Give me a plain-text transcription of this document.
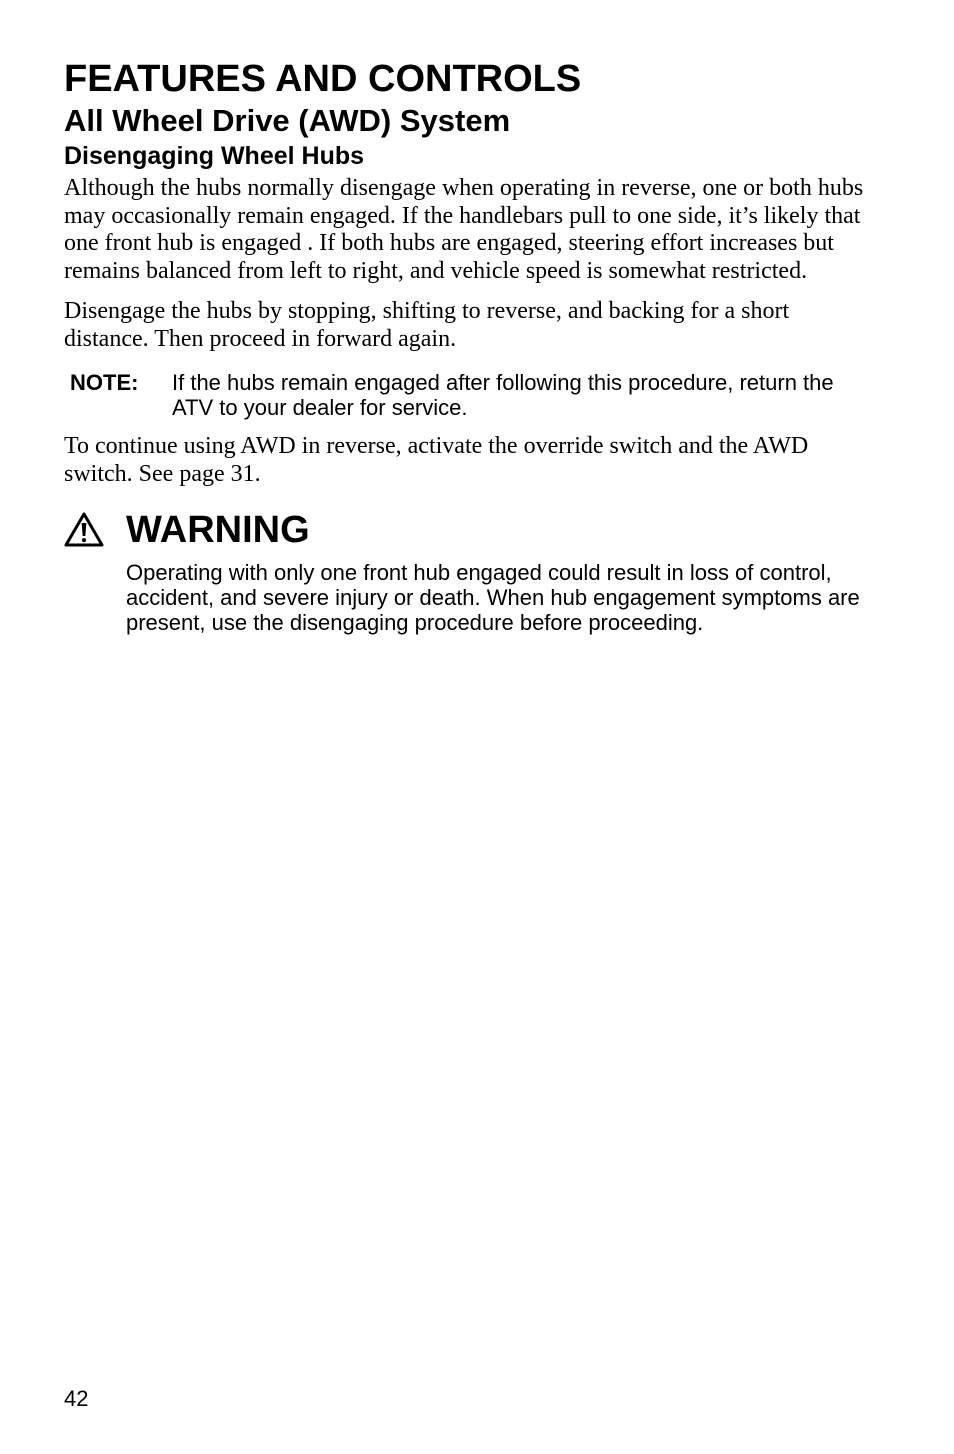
FEATURES AND CONTROLS
All Wheel Drive (AWD) System
Disengaging Wheel Hubs

Although the hubs normally disengage when operating in reverse, one or both hubs may occasionally remain engaged. If the handlebars pull to one side, it’s likely that one front hub is engaged . If both hubs are engaged, steering effort increases but remains balanced from left to right, and vehicle speed is somewhat restricted.

Disengage the hubs by stopping, shifting to reverse, and backing for a short distance. Then proceed in forward again.

NOTE:	If the hubs remain engaged after following this procedure, return the ATV to your dealer for service.

To continue using AWD in reverse, activate the override switch and the AWD switch. See page 31.

WARNING

Operating with only one front hub engaged could result in loss of control, accident, and severe injury or death. When hub engagement symptoms are present, use the disengaging procedure before proceeding.

42
